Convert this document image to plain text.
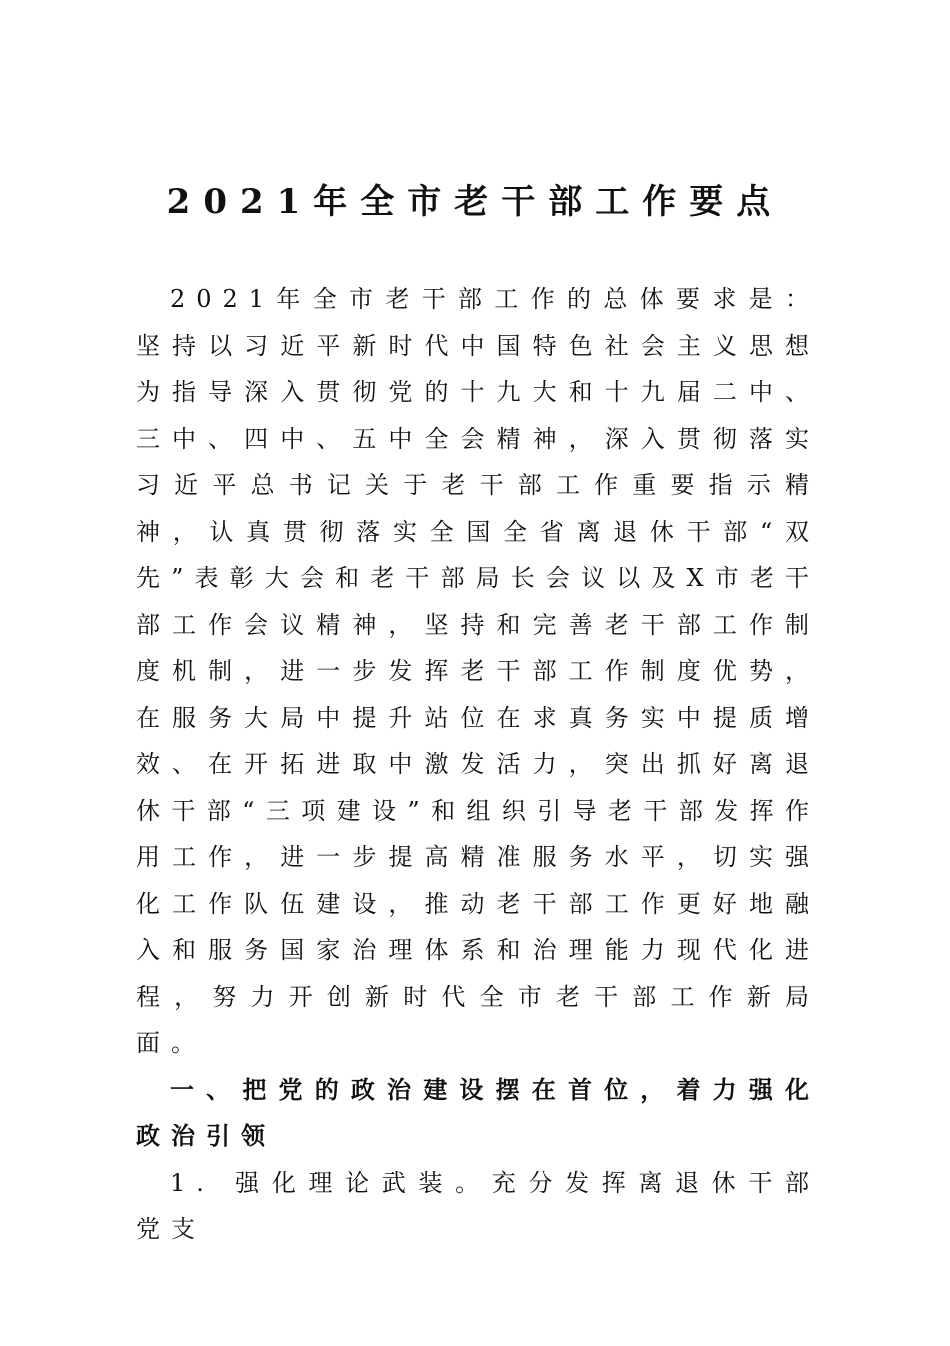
2021年全市老干部工作要点

2021年全市老干部工作的总体要求是：坚持以习近平新时代中国特色社会主义思想为指导深入贯彻党的十九大和十九届二中、三中、四中、五中全会精神，深入贯彻落实习近平总书记关于老干部工作重要指示精神，认真贯彻落实全国全省离退休干部“双先”表彰大会和老干部局长会议以及X市老干部工作会议精神，坚持和完善老干部工作制度机制，进一步发挥老干部工作制度优势，在服务大局中提升站位在求真务实中提质增效、在开拓进取中激发活力，突出抓好离退休干部“三项建设”和组织引导老干部发挥作用工作，进一步提高精准服务水平，切实强化工作队伍建设，推动老干部工作更好地融入和服务国家治理体系和治理能力现代化进程，努力开创新时代全市老干部工作新局面。

一、把党的政治建设摆在首位，着力强化政治引领

1. 强化理论武装。充分发挥离退休干部党支
